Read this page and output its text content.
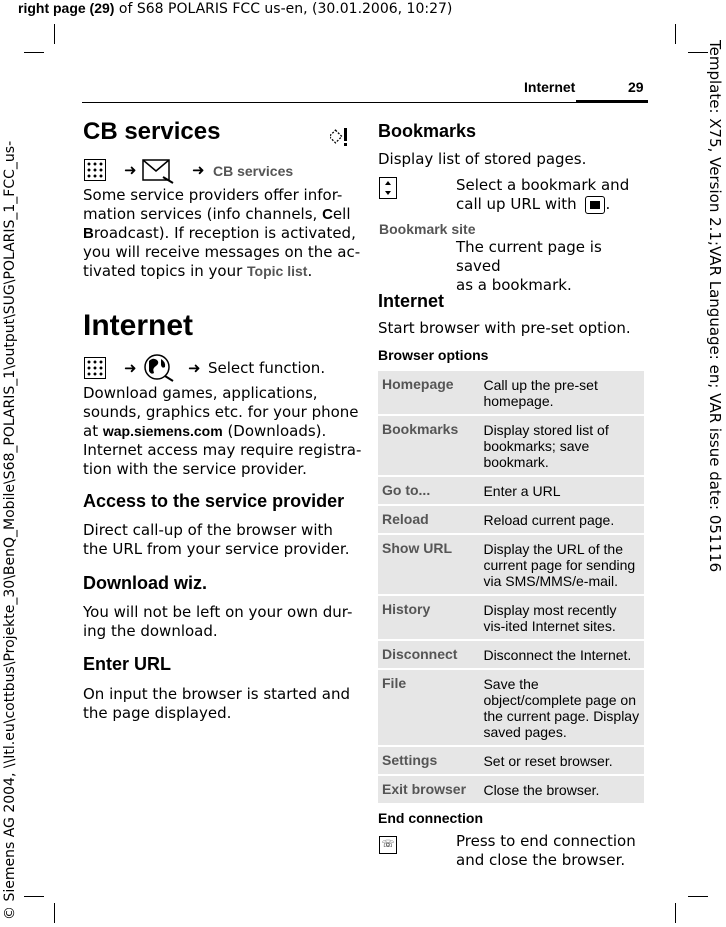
right page (29) of S68 POLARIS FCC us-en, (30.01.2006, 10:27)
© Siemens AG 2004, \\Itl.eu\cottbus\Projekte_30\BenQ_Mobile\S68_POLARIS_1\output\SUG\POLARIS_1_FCC_us-	Template: X75, Version 2.1;VAR Language: en; VAR issue date: 051116
Internet	29
CB services
➜	➜ CB services
Some service providers offer infor-
mation services (info channels, Cell
Broadcast). If reception is activated,
you will receive messages on the ac-
tivated topics in your Topic list.
Internet
➜	➜ Select function.
Download games, applications,
sounds, graphics etc. for your phone
at wap.siemens.com (Downloads).
Internet access may require registra-
tion with the service provider.
Access to the service provider
Direct call-up of the browser with
the URL from your service provider.
Download wiz.
You will not be left on your own dur-
ing the download.
Enter URL
On input the browser is started and
the page displayed.
Bookmarks
Display list of stored pages.
Select a bookmark and
call up URL with .
Bookmark site
The current page is saved
as a bookmark.
Internet
Start browser with pre-set option.
Browser options
Homepage	Call up the pre-set homepage.
Bookmarks	Display stored list of bookmarks; save bookmark.
Go to...	Enter a URL
Reload	Reload current page.
Show URL	Display the URL of the current page for sending via SMS/MMS/e-mail.
History	Display most recently vis-ited Internet sites.
Disconnect	Disconnect the Internet.
File	Save the object/complete page on the current page. Display saved pages.
Settings	Set or reset browser.
Exit browser	Close the browser.
End connection
☏	Press to end connection
and close the browser.
